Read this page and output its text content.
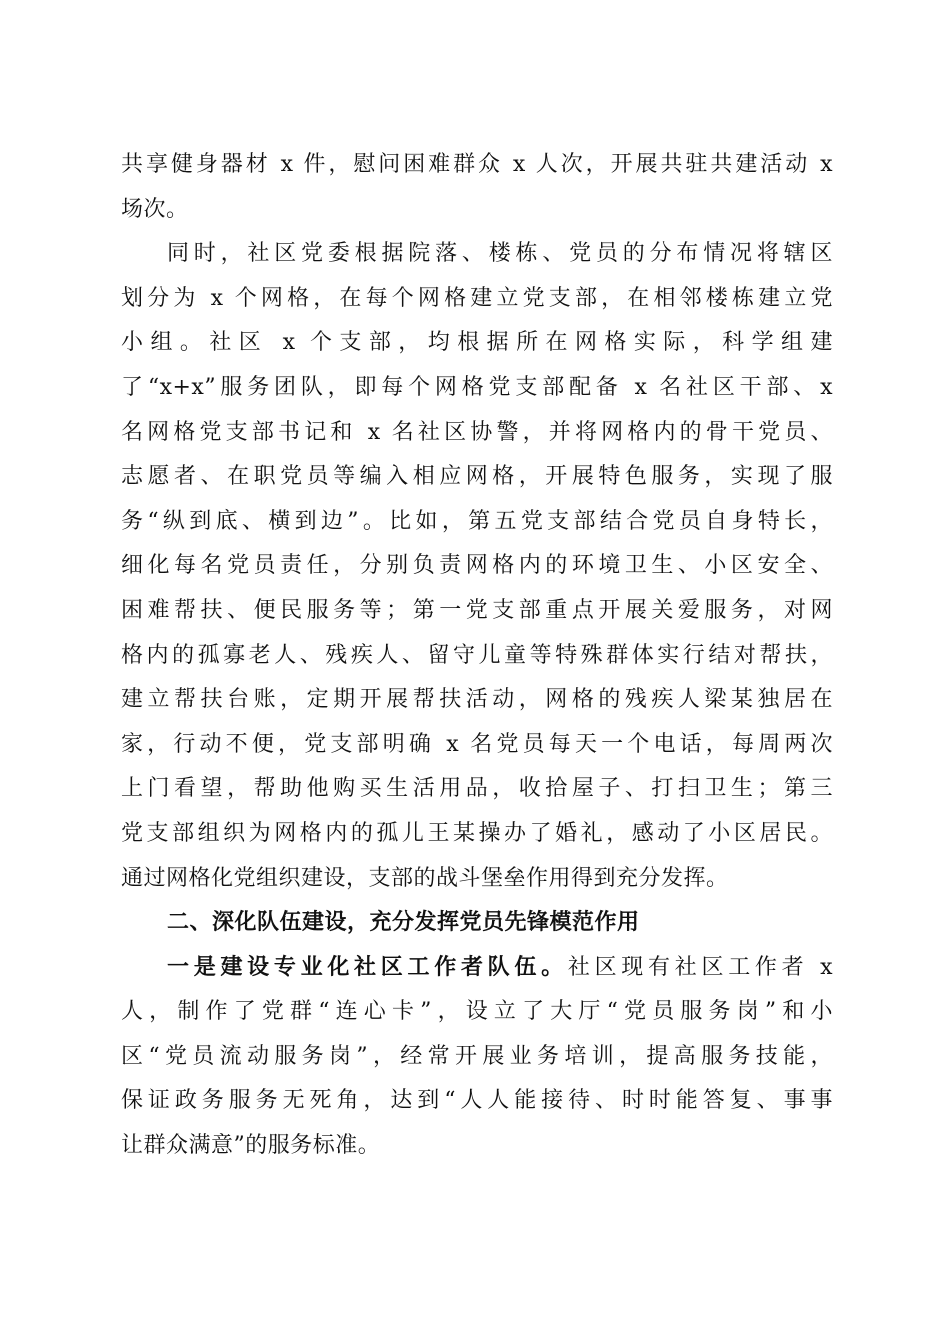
共享健身器材 x 件，慰问困难群众 x 人次，开展共驻共建活动 x
场次。
同时，社区党委根据院落、楼栋、党员的分布情况将辖区
划分为 x 个网格，在每个网格建立党支部，在相邻楼栋建立党
小组。社区 x 个支部，均根据所在网格实际，科学组建
了“x+x”服务团队，即每个网格党支部配备 x 名社区干部、x
名网格党支部书记和 x 名社区协警，并将网格内的骨干党员、
志愿者、在职党员等编入相应网格，开展特色服务，实现了服
务“纵到底、横到边”。比如，第五党支部结合党员自身特长，
细化每名党员责任，分别负责网格内的环境卫生、小区安全、
困难帮扶、便民服务等；第一党支部重点开展关爱服务，对网
格内的孤寡老人、残疾人、留守儿童等特殊群体实行结对帮扶，
建立帮扶台账，定期开展帮扶活动，网格的残疾人梁某独居在
家，行动不便，党支部明确 x 名党员每天一个电话，每周两次
上门看望，帮助他购买生活用品，收拾屋子、打扫卫生；第三
党支部组织为网格内的孤儿王某操办了婚礼，感动了小区居民。
通过网格化党组织建设，支部的战斗堡垒作用得到充分发挥。
二、深化队伍建设，充分发挥党员先锋模范作用
一是建设专业化社区工作者队伍。社区现有社区工作者 x
人，制作了党群“连心卡”，设立了大厅“党员服务岗”和小
区“党员流动服务岗”，经常开展业务培训，提高服务技能，
保证政务服务无死角，达到“人人能接待、时时能答复、事事
让群众满意”的服务标准。
